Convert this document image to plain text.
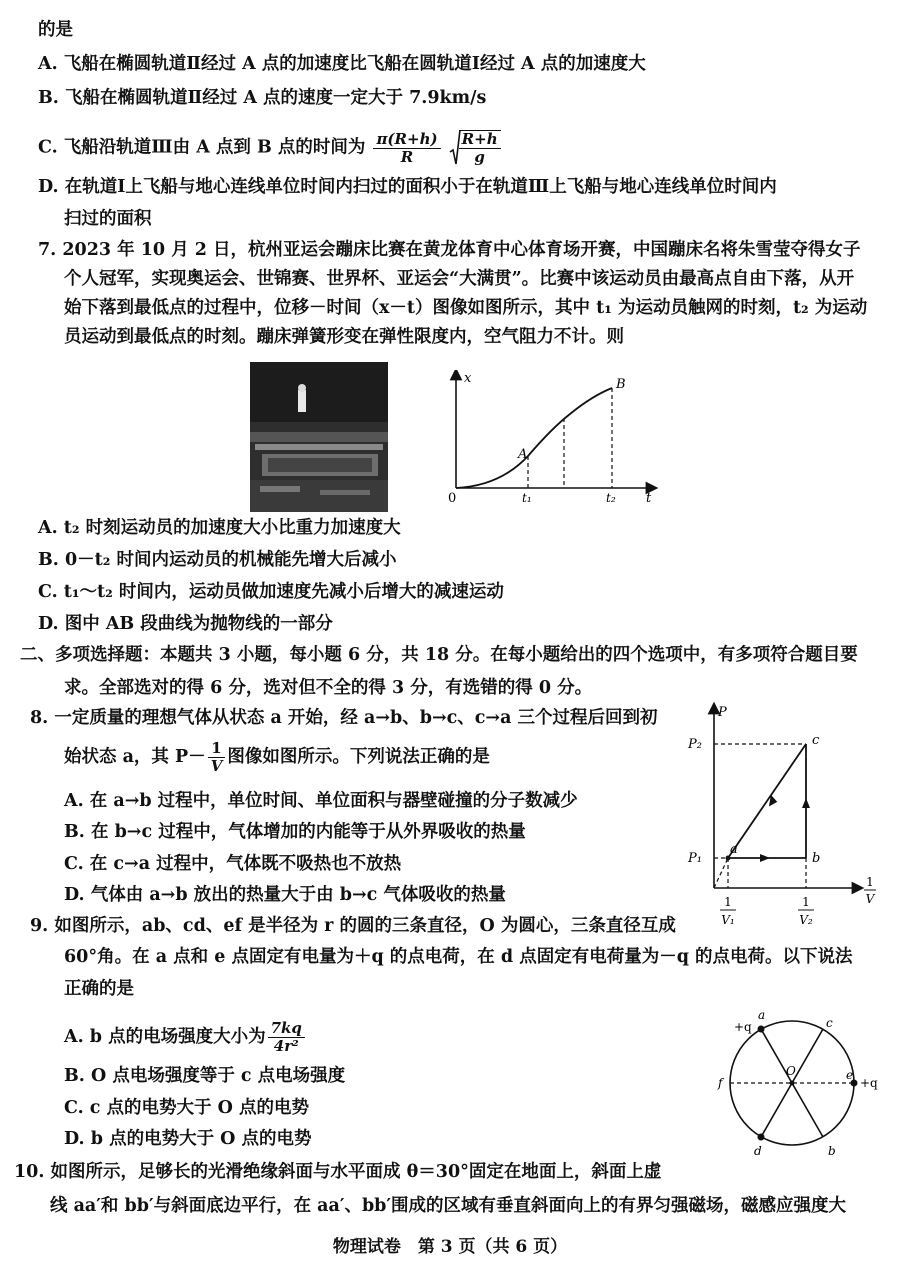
的是
A. 飞船在椭圆轨道Ⅱ经过 A 点的加速度比飞船在圆轨道Ⅰ经过 A 点的加速度大
B. 飞船在椭圆轨道Ⅱ经过 A 点的速度一定大于 7.9km/s
C. 飞船沿轨道Ⅲ由 A 点到 B 点的时间为 $\frac{\pi(R+h)}{R}$
$\frac{R+h}{g}$
D. 在轨道Ⅰ上飞船与地心连线单位时间内扫过的面积小于在轨道Ⅲ上飞船与地心连线单位时间内
扫过的面积
7. 2023 年 10 月 2 日，杭州亚运会蹦床比赛在黄龙体育中心体育场开赛，中国蹦床名将朱雪莹夺得女子
个人冠军，实现奥运会、世锦赛、世界杯、亚运会“大满贯”。比赛中该运动员由最高点自由下落，从开
始下落到最低点的过程中，位移－时间（x－t）图像如图所示，其中 t₁ 为运动员触网的时刻，t₂ 为运动
员运动到最低点的时刻。蹦床弹簧形变在弹性限度内，空气阻力不计。则
x
t
0
A
B
t₁	t₂
A. t₂ 时刻运动员的加速度大小比重力加速度大
B. 0－t₂ 时间内运动员的机械能先增大后减小
C. t₁～t₂ 时间内，运动员做加速度先减小后增大的减速运动
D. 图中 AB 段曲线为抛物线的一部分
二、多项选择题：本题共 3 小题，每小题 6 分，共 18 分。在每小题给出的四个选项中，有多项符合题目要
求。全部选对的得 6 分，选对但不全的得 3 分，有选错的得 0 分。
8. 一定质量的理想气体从状态 a 开始，经 a→b、b→c、c→a 三个过程后回到初
始状态 a，其 $P- \frac{1}{V}$ 图像如图所示。下列说法正确的是
A. 在 a→b 过程中，单位时间、单位面积与器壁碰撞的分子数减少
B. 在 b→c 过程中，气体增加的内能等于从外界吸收的热量
C. 在 c→a 过程中，气体既不吸热也不放热
D. 气体由 a→b 放出的热量大于由 b→c 气体吸收的热量
P
P₂
P₁
a
b
c
1
V
1
V₁
1
V₂
9. 如图所示，ab、cd、ef 是半径为 r 的圆的三条直径，O 为圆心，三条直径互成
60°角。在 a 点和 e 点固定有电量为＋q 的点电荷，在 d 点固定有电荷量为－q 的点电荷。以下说法
正确的是
A. b 点的电场强度大小为 $\frac{7kq}{\text{4r²}}$
B. O 点电场强度等于 c 点电场强度
C. c 点的电势大于 O 点的电势
D. b 点的电势大于 O 点的电势
+q
a
c
f
e
+q
O
d	b
10. 如图所示，足够长的光滑绝缘斜面与水平面成 θ＝30°固定在地面上，斜面上虚
线 aa′和 bb′与斜面底边平行，在 aa′、bb′围成的区域有垂直斜面向上的有界匀强磁场，磁感应强度大
物理试卷　第 3 页（共 6 页）
